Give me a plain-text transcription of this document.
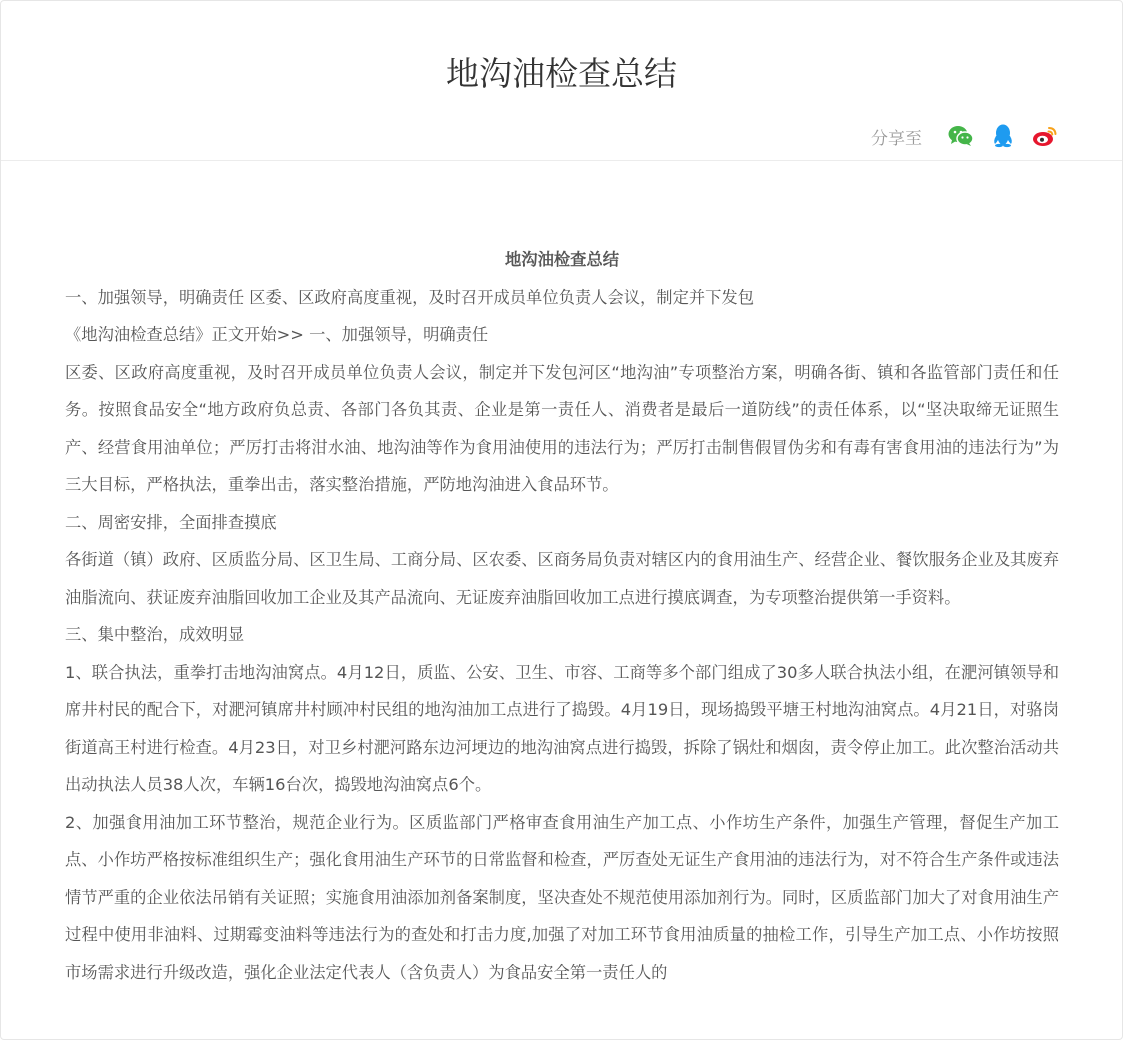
地沟油检查总结
分享至

地沟油检查总结

一、加强领导，明确责任 区委、区政府高度重视，及时召开成员单位负责人会议，制定并下发包

《地沟油检查总结》正文开始>> 一、加强领导，明确责任

区委、区政府高度重视，及时召开成员单位负责人会议，制定并下发包河区“地沟油”专项整治方案，明确各街、镇和各监管部门责任和任务。按照食品安全“地方政府负总责、各部门各负其责、企业是第一责任人、消费者是最后一道防线”的责任体系，以“坚决取缔无证照生产、经营食用油单位；严厉打击将泔水油、地沟油等作为食用油使用的违法行为；严厉打击制售假冒伪劣和有毒有害食用油的违法行为”为三大目标，严格执法，重拳出击，落实整治措施，严防地沟油进入食品环节。

二、周密安排，全面排查摸底

各街道（镇）政府、区质监分局、区卫生局、工商分局、区农委、区商务局负责对辖区内的食用油生产、经营企业、餐饮服务企业及其废弃油脂流向、获证废弃油脂回收加工企业及其产品流向、无证废弃油脂回收加工点进行摸底调查，为专项整治提供第一手资料。

三、集中整治，成效明显

1、联合执法，重拳打击地沟油窝点。4月12日，质监、公安、卫生、市容、工商等多个部门组成了30多人联合执法小组，在淝河镇领导和席井村民的配合下，对淝河镇席井村顾冲村民组的地沟油加工点进行了捣毁。4月19日，现场捣毁平塘王村地沟油窝点。4月21日，对骆岗街道高王村进行检查。4月23日，对卫乡村淝河路东边河埂边的地沟油窝点进行捣毁，拆除了锅灶和烟囱，责令停止加工。此次整治活动共出动执法人员38人次，车辆16台次，捣毁地沟油窝点6个。

2、加强食用油加工环节整治，规范企业行为。区质监部门严格审查食用油生产加工点、小作坊生产条件，加强生产管理，督促生产加工点、小作坊严格按标准组织生产；强化食用油生产环节的日常监督和检查，严厉查处无证生产食用油的违法行为，对不符合生产条件或违法情节严重的企业依法吊销有关证照；实施食用油添加剂备案制度，坚决查处不规范使用添加剂行为。同时，区质监部门加大了对食用油生产过程中使用非油料、过期霉变油料等违法行为的查处和打击力度,加强了对加工环节食用油质量的抽检工作，引导生产加工点、小作坊按照市场需求进行升级改造，强化企业法定代表人（含负责人）为食品安全第一责任人的
